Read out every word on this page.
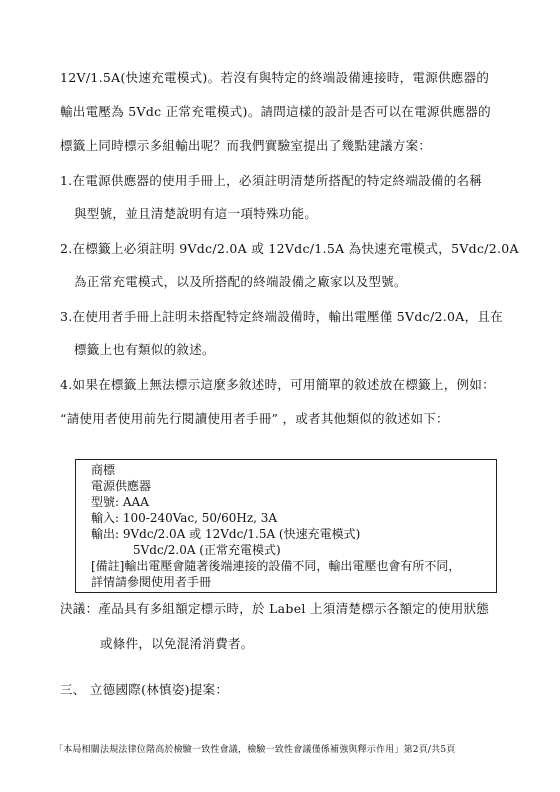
12V/1.5A(快速充電模式)。若沒有與特定的終端設備連接時，電源供應器的
輸出電壓為 5Vdc 正常充電模式)。請問這樣的設計是否可以在電源供應器的
標籤上同時標示多組輸出呢？而我們實驗室提出了幾點建議方案：
1.在電源供應器的使用手冊上，必須註明清楚所搭配的特定終端設備的名稱
與型號，並且清楚說明有這一項特殊功能。
2.在標籤上必須註明 9Vdc/2.0A 或 12Vdc/1.5A 為快速充電模式，5Vdc/2.0A
為正常充電模式，以及所搭配的終端設備之廠家以及型號。
3.在使用者手冊上註明未搭配特定終端設備時，輸出電壓僅 5Vdc/2.0A，且在
標籤上也有類似的敘述。
4.如果在標籤上無法標示這麼多敘述時，可用簡單的敘述放在標籤上，例如：
“請使用者使用前先行閱讀使用者手冊” ，或者其他類似的敘述如下：
商標
電源供應器
型號: AAA
輸入: 100-240Vac, 50/60Hz, 3A
輸出: 9Vdc/2.0A 或 12Vdc/1.5A (快速充電模式)
5Vdc/2.0A (正常充電模式)
[備註]輸出電壓會隨著後端連接的設備不同，輸出電壓也會有所不同，
詳情請參閱使用者手冊
決議：產品具有多組額定標示時，於 Label 上須清楚標示各額定的使用狀態
或條件，以免混淆消費者。
三、 立德國際(林慎姿)提案：
「本局相關法規法律位階高於檢驗一致性會議，檢驗一致性會議僅係補強與釋示作用」第2頁/共5頁
